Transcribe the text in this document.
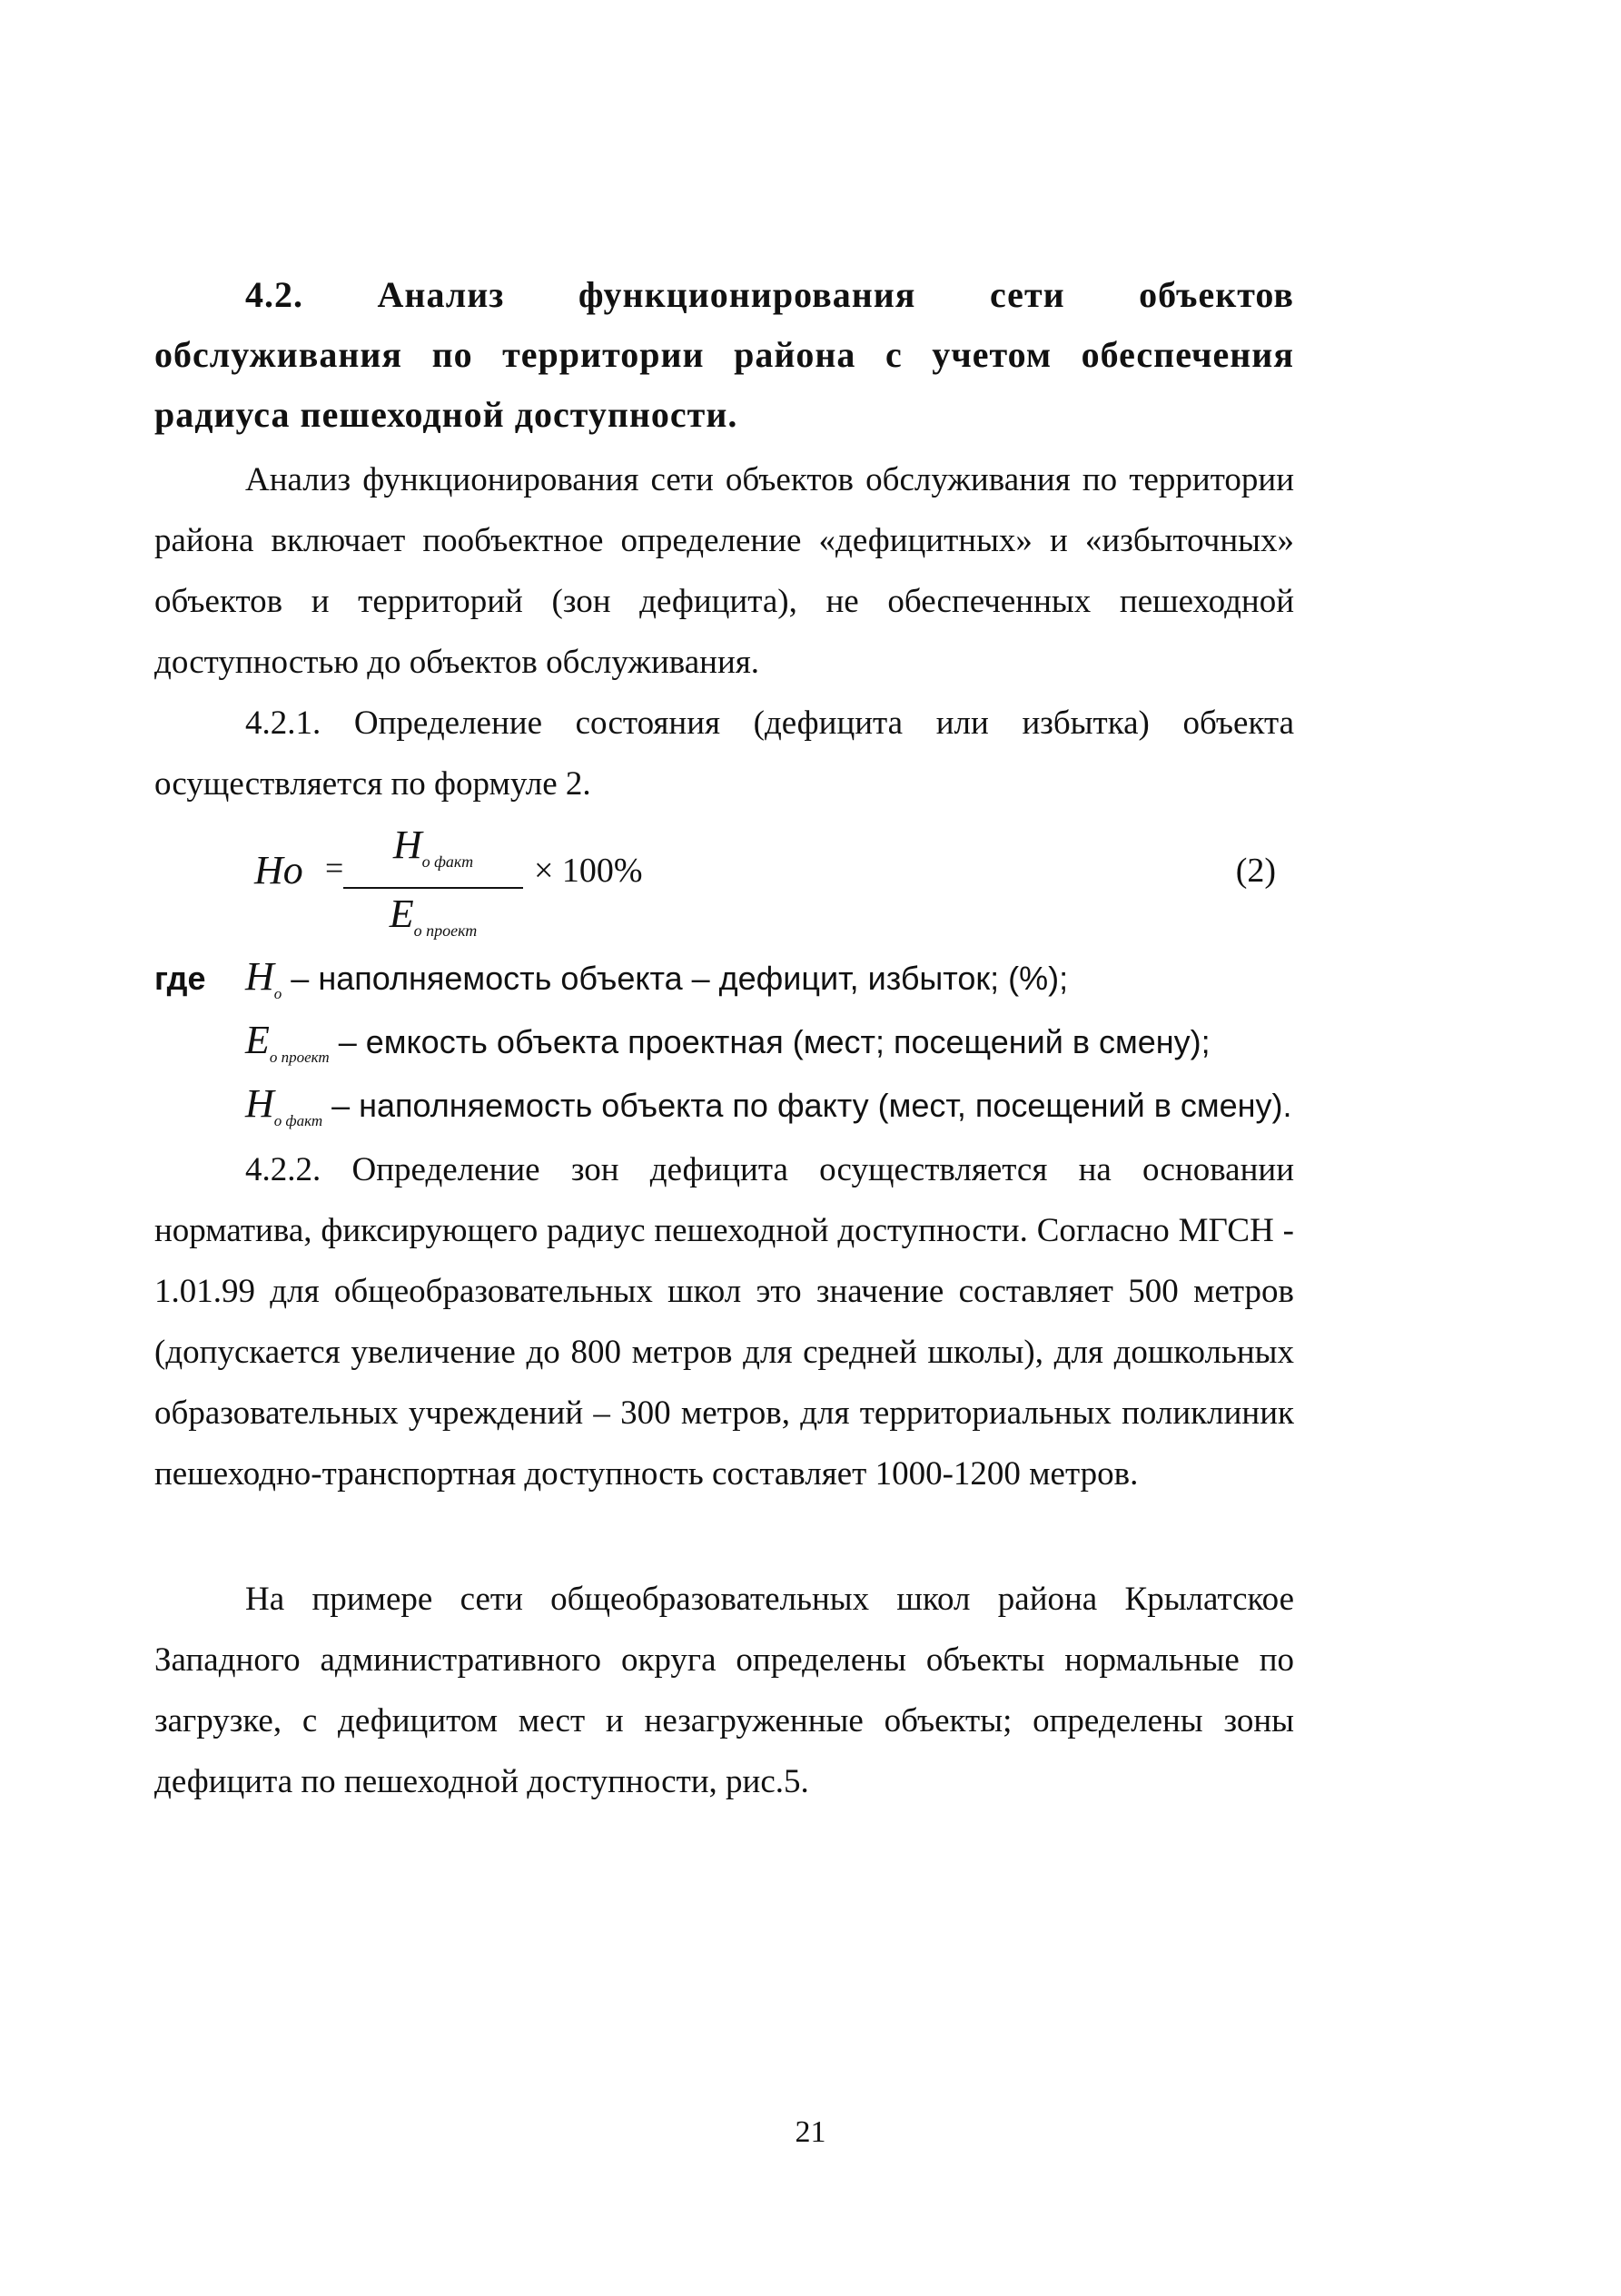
4.2. Анализ функционирования сети объектов обслуживания по территории района с учетом обеспечения радиуса пешеходной доступности.
Анализ функционирования сети объектов обслуживания по территории района включает пообъектное определение «дефицитных» и «избыточных» объектов и территорий (зон дефицита), не обеспеченных пешеходной доступностью до объектов обслуживания.
4.2.1. Определение состояния (дефицита или избытка) объекта осуществляется по формуле 2.
Но =
$Н_{о факт}$
$Е_{о проект}$
× 100%	(2)
где $Н_о$ – наполняемость объекта – дефицит, избыток; (%);
$Е_{о проект}$ – емкость объекта проектная (мест; посещений в смену);
$Н_{о факт}$ – наполняемость объекта по факту (мест, посещений в смену).
4.2.2. Определение зон дефицита осуществляется на основании норматива, фиксирующего радиус пешеходной доступности. Согласно МГСН - 1.01.99 для общеобразовательных школ это значение составляет 500 метров (допускается увеличение до 800 метров для средней школы), для дошкольных образовательных учреждений – 300 метров, для территориальных поликлиник пешеходно-транспортная доступность составляет 1000-1200 метров.
На примере сети общеобразовательных школ района Крылатское Западного административного округа определены объекты нормальные по загрузке, с дефицитом мест и незагруженные объекты; определены зоны дефицита по пешеходной доступности, рис.5.
21
